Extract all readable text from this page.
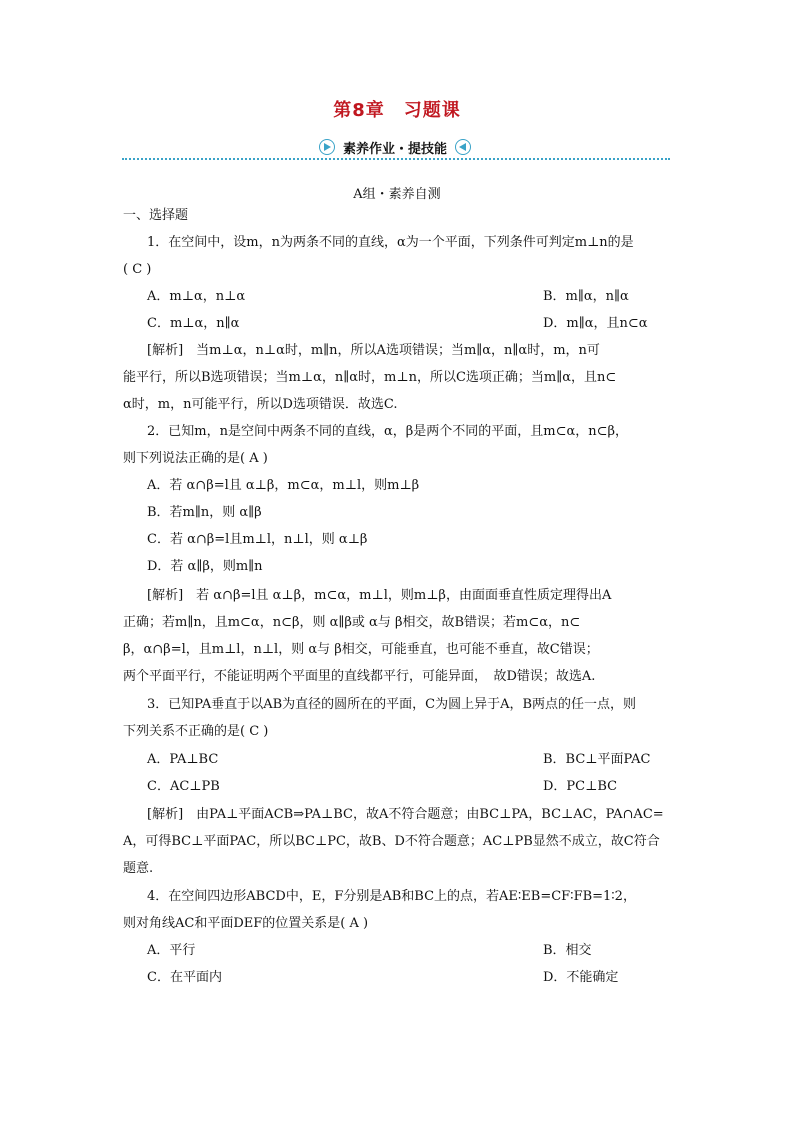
第8章　习题课
素养作业・提技能
A组・素养自测
一、选择题
1．在空间中，设m，n为两条不同的直线，α为一个平面，下列条件可判定m⊥n的是
( C )
A．m⊥α，n⊥α	B．m∥α，n∥α
C．m⊥α，n∥α	D．m∥α，且n⊂α
[解析]　当m⊥α，n⊥α时，m∥n，所以A选项错误；当m∥α，n∥α时，m，n可
能平行，所以B选项错误；当m⊥α，n∥α时，m⊥n，所以C选项正确；当m∥α，且n⊂
α时，m，n可能平行，所以D选项错误．故选C.
2．已知m，n是空间中两条不同的直线，α，β是两个不同的平面，且m⊂α，n⊂β，
则下列说法正确的是( A )
A．若 α∩β=l且 α⊥β，m⊂α，m⊥l，则m⊥β
B．若m∥n，则 α∥β
C．若 α∩β=l且m⊥l，n⊥l，则 α⊥β
D．若 α∥β，则m∥n
[解析]　若 α∩β=l且 α⊥β，m⊂α，m⊥l，则m⊥β，由面面垂直性质定理得出A
正确；若m∥n，且m⊂α，n⊂β，则 α∥β或 α与 β相交，故B错误；若m⊂α，n⊂
β，α∩β=l，且m⊥l，n⊥l，则 α与 β相交，可能垂直，也可能不垂直，故C错误；
两个平面平行，不能证明两个平面里的直线都平行，可能异面，　故D错误；故选A.
3．已知PA垂直于以AB为直径的圆所在的平面，C为圆上异于A，B两点的任一点，则
下列关系不正确的是( C )
A．PA⊥BC	B．BC⊥平面PAC
C．AC⊥PB	D．PC⊥BC
[解析]　由PA⊥平面ACB⇒PA⊥BC，故A不符合题意；由BC⊥PA，BC⊥AC，PA∩AC=
A，可得BC⊥平面PAC，所以BC⊥PC，故B、D不符合题意；AC⊥PB显然不成立，故C符合
题意.
4．在空间四边形ABCD中，E，F分别是AB和BC上的点，若AE∶EB=CF∶FB=1∶2，
则对角线AC和平面DEF的位置关系是( A )
A．平行	B．相交
C．在平面内	D．不能确定
